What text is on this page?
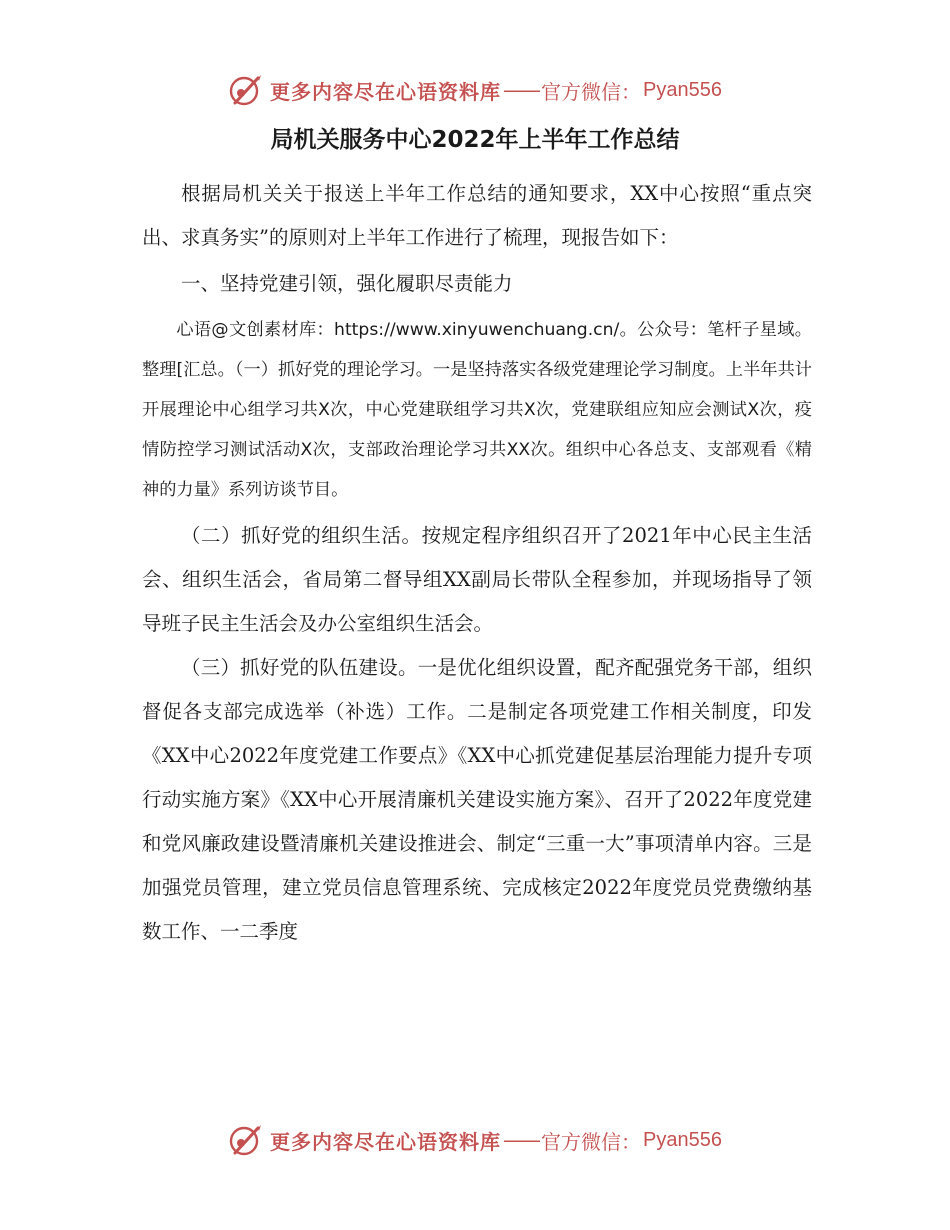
更多内容尽在心语资料库 —— 官方微信： Pyan556
局机关服务中心2022年上半年工作总结

根据局机关关于报送上半年工作总结的通知要求，XX中心按照“重点突出、求真务实”的原则对上半年工作进行了梳理，现报告如下：

一、坚持党建引领，强化履职尽责能力

心语@文创素材库：https://www.xinyuwenchuang.cn/。公众号：笔杆子星域。整理[汇总。（一）抓好党的理论学习。一是坚持落实各级党建理论学习制度。上半年共计开展理论中心组学习共X次，中心党建联组学习共X次，党建联组应知应会测试X次，疫情防控学习测试活动X次，支部政治理论学习共XX次。组织中心各总支、支部观看《精神的力量》系列访谈节目。

（二）抓好党的组织生活。按规定程序组织召开了2021年中心民主生活会、组织生活会，省局第二督导组XX副局长带队全程参加，并现场指导了领导班子民主生活会及办公室组织生活会。

（三）抓好党的队伍建设。一是优化组织设置，配齐配强党务干部，组织督促各支部完成选举（补选）工作。二是制定各项党建工作相关制度，印发《XX中心2022年度党建工作要点》《XX中心抓党建促基层治理能力提升专项行动实施方案》《XX中心开展清廉机关建设实施方案》、召开了2022年度党建和党风廉政建设暨清廉机关建设推进会、制定“三重一大”事项清单内容。三是加强党员管理，建立党员信息管理系统、完成核定2022年度党员党费缴纳基数工作、一二季度

更多内容尽在心语资料库 —— 官方微信： Pyan556
